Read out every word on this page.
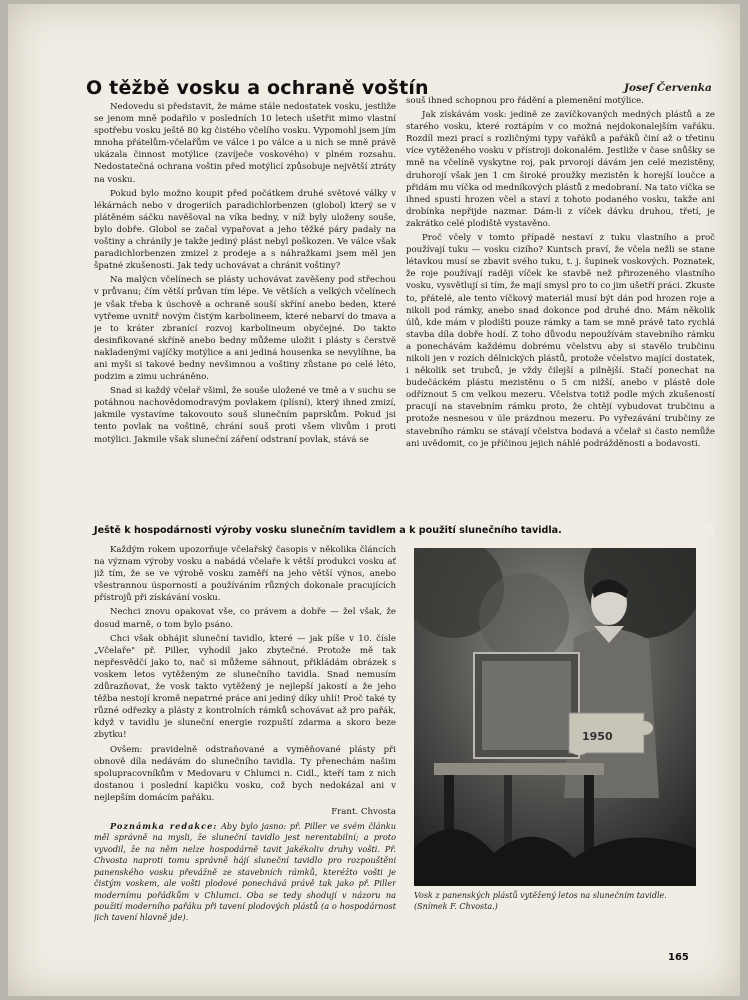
O těžbě vosku a ochraně voštín	Josef Červenka

Nedovedu si představit, že máme stále nedostatek vosku, jestliže se jenom mně podařilo v posledních 10 letech ušetřit mimo vlastní spotřebu vosku ještě 80 kg čistého včelího vosku. Vypomohl jsem jím mnoha přátelům-včelařům ve válce i po válce a u nich se mně právě ukázala činnost motýlice (zavíječe voskového) v plném rozsahu. Nedostatečná ochrana voštin před motýlicí způsobuje největší ztráty na vosku.

Pokud bylo možno koupit před počátkem druhé světové války v lékárnách nebo v drogeriích paradichlorbenzen (globol) který se v plátěném sáčku navěšoval na víka bedny, v níž byly uloženy souše, bylo dobře. Globol se začal vypařovat a jeho těžké páry padaly na voštiny a chránily je takže jediný plást nebyl poškozen. Ve válce však paradichlorbenzen zmizel z prodeje a s náhražkami jsem měl jen špatné zkušenosti. Jak tedy uchovávat a chránit voštiny?

Na malýcn včelínech se plásty uchovávat zavěšeny pod střechou v průvanu; čím větší průvan tím lépe. Ve větších a velkých včelínech je však třeba k úschově a ochraně souší skříní anebo beden, které vytřeme uvnitř novým čistým karbolineem, které nebarví do tmava a je to kráter zbranící rozvoj karbolineum obyčejné. Do takto desinfikované skříně anebo bedny můžeme uložit i plásty s čerstvě nakladenými vajíčky motýlice a ani jediná housenka se nevylíhne, ba ani myši si takové bedny nevšimnou a voštiny zůstane po celé léto, podzim a zimu uchráněno.

Snad si každý včelař všiml, že souše uložené ve tmě a v suchu se potáhnou nachovědomodravým povlakem (plísní), který ihned zmizí, jakmile vystavíme takovouto souš slunečním paprskům. Pokud jsi tento povlak na voštině, chrání souš proti všem vlivům i proti motýlici. Jakmile však sluneční záření odstraní povlak, stává se

souš ihned schopnou pro řádění a plemenění motýlice.

Jak získávám vosk: jedině ze zavíčkovaných medných plástů a ze starého vosku, které roztápím v co možná nejdokonalejším vařáku. Rozdíl mezi prací s rozličnými typy vařáků a pařáků činí až o třetinu více vytěženého vosku v přístroji dokonalém. Jestliže v čase snůšky se mně na včelíně vyskytne roj, pak prvorojí dávám jen celé mezistěny, druhorojí však jen 1 cm široké proužky mezistěn k horejší loučce a přidám mu víčka od medníkových plástů z medobraní. Na tato víčka se ihned spustí hrozen včel a staví z tohoto podaného vosku, takže ani drobínka nepřijde nazmar. Dám-li z víček dávku druhou, třetí, je zakrátko celé plodiště vystavěno.

Proč včely v tomto případě nestaví z tuku vlastního a proč používají tuku — vosku cizího? Kuntsch praví, že včela nežli se stane létavkou musí se zbavit svého tuku, t. j. šupinek voskových. Poznatek, že roje používají raději víček ke stavbě než přirozeného vlastního vosku, vysvětlují si tím, že mají smysl pro to co jim ušetří práci. Zkuste to, přátelé, ale tento víčkový materiál musí být dán pod hrozen roje a nikoli pod rámky, anebo snad dokonce pod druhé dno. Mám několik úlů, kde mám v plodišti pouze rámky a tam se mně právě tato rychlá stavba díla dobře hodí. Z toho důvodu nepoužívám stavebního rámku a ponechávám každému dobrému včelstvu aby si stavělo trubčinu nikoli jen v rozích dělnických plástů, protože včelstvo mající dostatek, i několik set trubců, je vždy čilejší a pilnější. Stačí ponechat na budečáckém plástu mezistěnu o 5 cm nižší, anebo v plástě dole odříznout 5 cm velkou mezeru. Včelstva totiž podle mých zkušeností pracují na stavebním rámku proto, že chtějí vybudovat trubčinu a protože nesnesou v úle prázdnou mezeru. Po vyřezávání trubčiny ze stavebního rámku se stávají včelstva bodavá a včelař si často nemůže ani uvědomit, co je příčinou jejich náhlé podrážděnosti a bodavosti.

Ještě k hospodárnosti výroby vosku slunečním tavidlem a k použití slunečního tavidla.

Každým rokem upozorňuje včelařský časopis v několika článcích na význam výroby vosku a nabádá včelaře k větší produkci vosku ať již tím, že se ve výrobě vosku zaměří na jeho větší výnos, anebo všestrannou úsporností a používáním různých dokonale pracujících přístrojů při získávání vosku.

Nechci znovu opakovat vše, co právem a dobře — žel však, že dosud marně, o tom bylo psáno.

Chci však obhájit sluneční tavidlo, které — jak píše v 10. čísle „Včelaře" př. Piller, vyhodil jako zbytečné. Protože mě tak nepřesvědčí jako to, nač si můžeme sáhnout, přikládám obrázek s voskem letos vytěženým ze slunečního tavidla. Snad nemusím zdůrazňovat, že vosk takto vytěžený je nejlepší jakostí a že jeho těžba nestojí kromě nepatrné práce ani jediný díky uhlí! Proč také ty různé odřezky a plásty z kontrolních rámků schovávat až pro pařák, když v tavidlu je sluneční energie rozpuští zdarma a skoro beze zbytku!

Ovšem: pravidelně odstraňované a vyměňované plásty při obnově díla nedávám do slunečního tavidla. Ty přenechám našim spolupracovníkům v Medovaru v Chlumci n. Cidl., kteří tam z nich dostanou i poslední kapičku vosku, což bych nedokázal ani v nejlepším domácím pařáku.

Frant. Chvosta

Poznámka redakce: Aby bylo jasno: př. Piller ve svém článku měl správně na mysli, že sluneční tavidlo jest nerentabilní; a proto vyvodil, že na něm nelze hospodárně tavit jakékoliv druhy vošti. Př. Chvosta naproti tomu správně hájí sluneční tavidlo pro rozpouštění panenského vosku převážně ze stavebních rámků, kteréžto vošti je čistým voskem, ale vošti plodové ponechává právě tak jako př. Piller modernímu pořádkům v Chlumci. Oba se tedy shodují v názoru na použití moderního pařáku při tavení plodových plástů (a o hospodárnost jich tavení hlavně jde).

1950
Vosk z panenských plástů vytěžený letos na slunečním tavidle. (Snímek F. Chvosta.)
165
